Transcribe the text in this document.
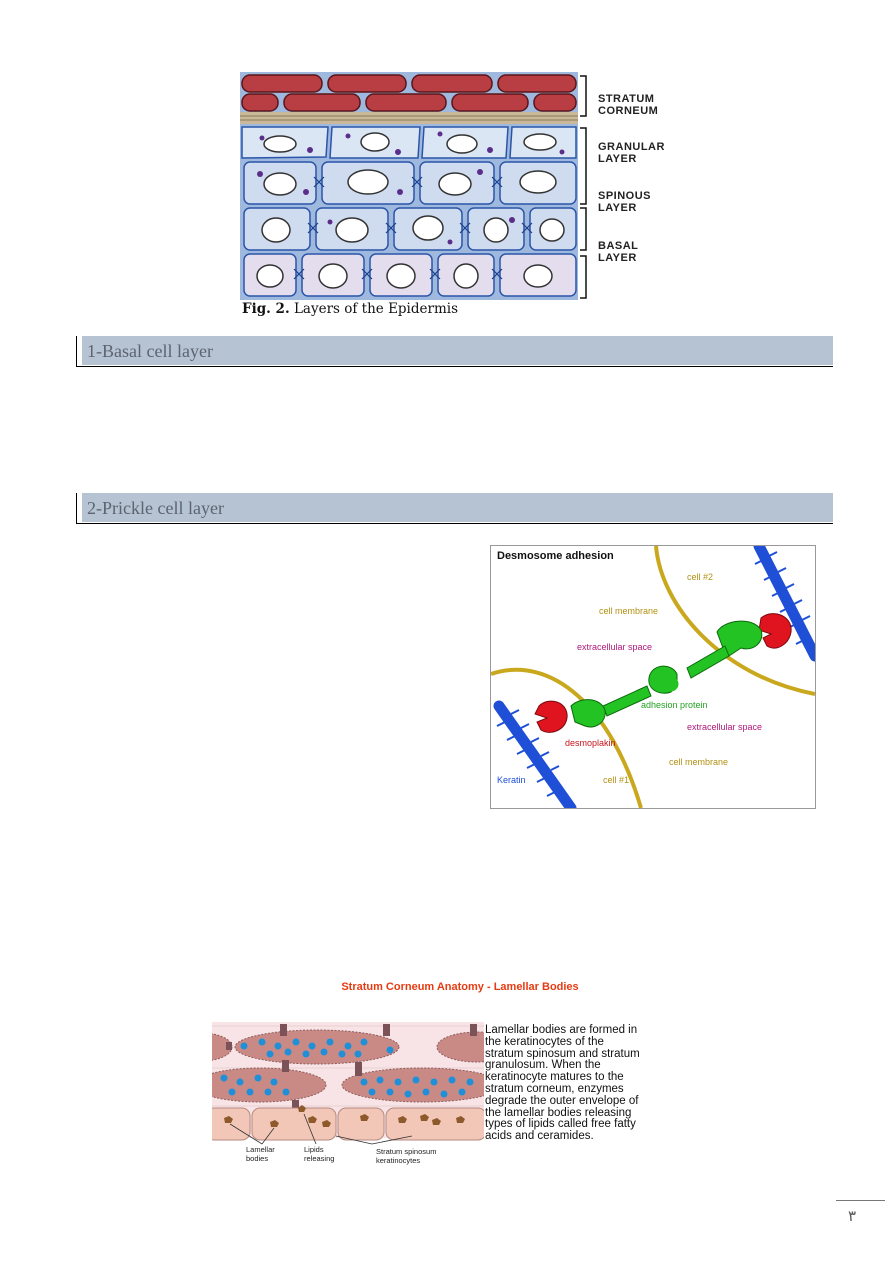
STRATUM
CORNEUM
GRANULAR
LAYER
SPINOUS
LAYER
BASAL
LAYER
Fig. 2. Layers of the Epidermis
1-Basal cell layer
2-Prickle cell layer
Desmosome adhesion
cell #2
cell membrane
extracellular space
adhesion protein
extracellular space
desmoplakin
cell membrane
Keratin	cell #1
Stratum Corneum Anatomy - Lamellar Bodies
Lamellar
bodies
Lipids
releasing
Stratum spinosum
keratinocytes
Lamellar bodies are formed in
the keratinocytes of the
stratum spinosum and stratum
granulosum. When the
keratinocyte matures to the
stratum corneum, enzymes
degrade the outer envelope of
the lamellar bodies releasing
types of lipids called free fatty
acids and ceramides.
٣
